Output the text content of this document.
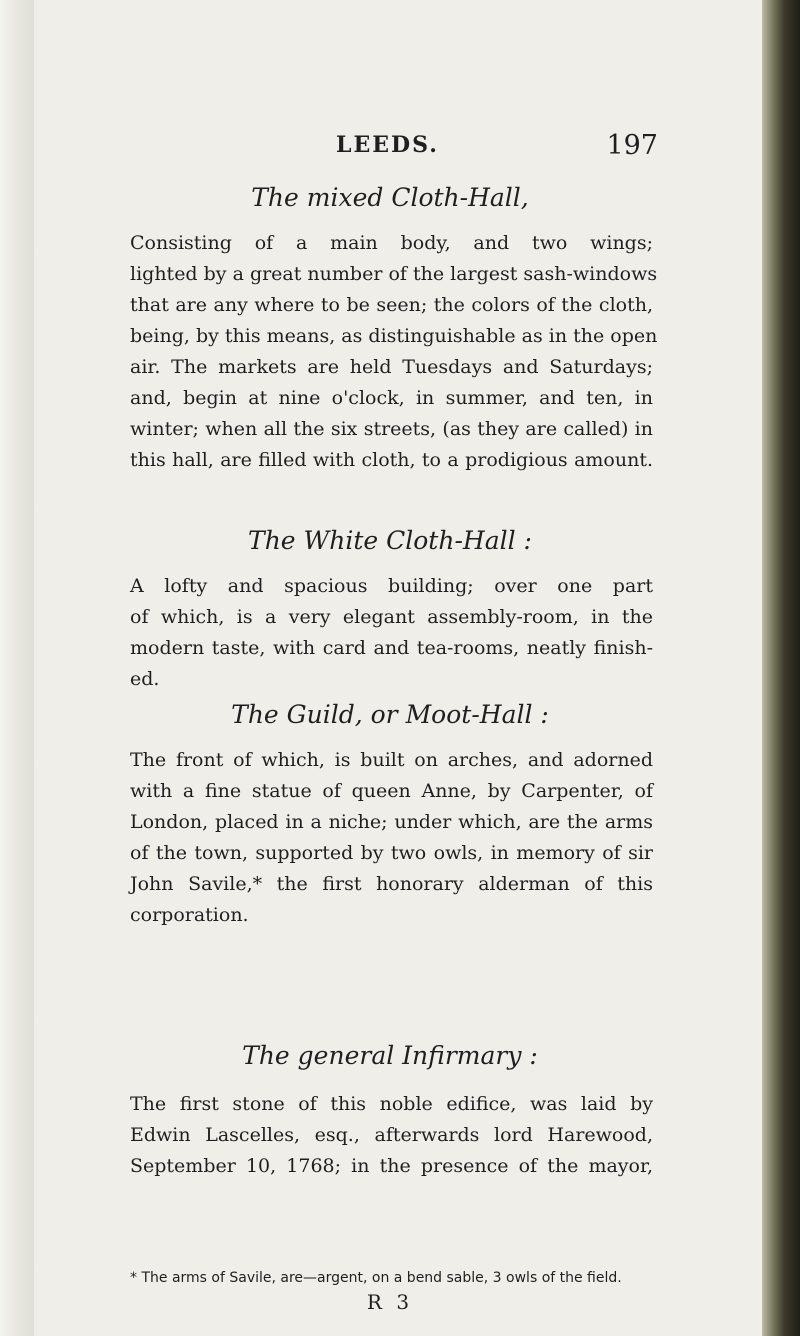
LEEDS.	197
The mixed Cloth-Hall,
Consisting of a main body, and two wings;
lighted by a great number of the largest sash-windows
that are any where to be seen; the colors of the cloth,
being, by this means, as distinguishable as in the open
air. The markets are held Tuesdays and Saturdays;
and, begin at nine o'clock, in summer, and ten, in
winter; when all the six streets, (as they are called) in
this hall, are filled with cloth, to a prodigious amount.
The White Cloth-Hall :
A lofty and spacious building; over one part
of which, is a very elegant assembly-room, in the
modern taste, with card and tea-rooms, neatly finish-
ed.
The Guild, or Moot-Hall :
The front of which, is built on arches, and adorned
with a fine statue of queen Anne, by Carpenter, of
London, placed in a niche; under which, are the arms
of the town, supported by two owls, in memory of sir
John Savile,* the first honorary alderman of this
corporation.
The general Infirmary :
The first stone of this noble edifice, was laid by
Edwin Lascelles, esq., afterwards lord Harewood,
September 10, 1768; in the presence of the mayor,
* The arms of Savile, are—argent, on a bend sable, 3 owls of the field.
R 3
